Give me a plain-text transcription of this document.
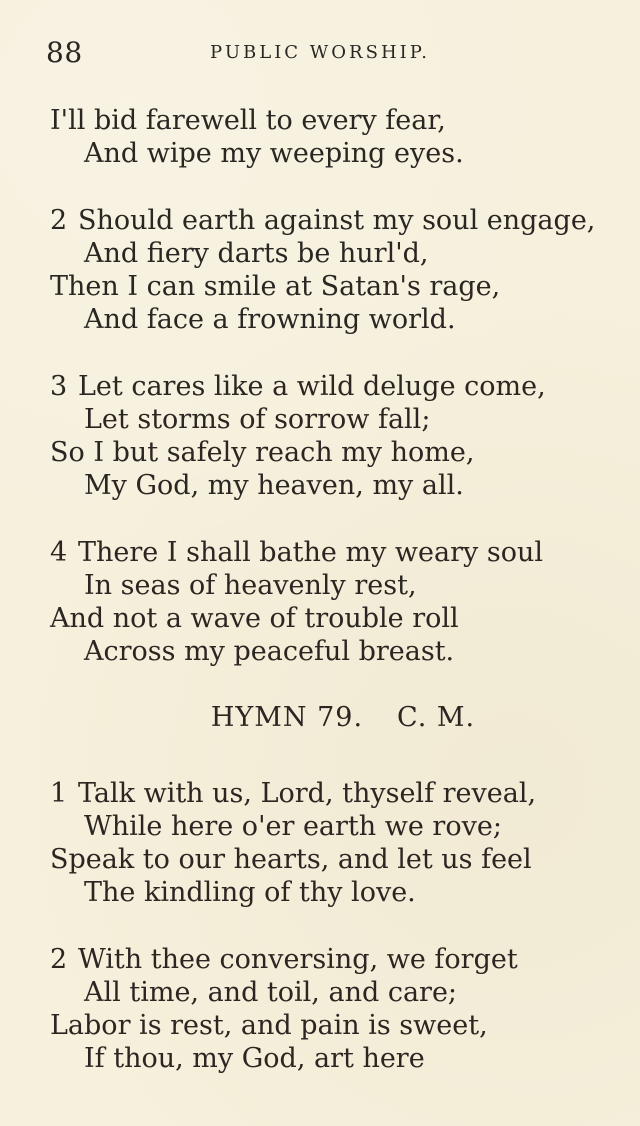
88	PUBLIC WORSHIP.
I'll bid farewell to every fear,
And wipe my weeping eyes.
2 Should earth against my soul engage,
And fiery darts be hurl'd,
Then I can smile at Satan's rage,
And face a frowning world.
3 Let cares like a wild deluge come,
Let storms of sorrow fall;
So I but safely reach my home,
My God, my heaven, my all.
4 There I shall bathe my weary soul
In seas of heavenly rest,
And not a wave of trouble roll
Across my peaceful breast.
HYMN 79. C. M.
1 Talk with us, Lord, thyself reveal,
While here o'er earth we rove;
Speak to our hearts, and let us feel
The kindling of thy love.
2 With thee conversing, we forget
All time, and toil, and care;
Labor is rest, and pain is sweet,
If thou, my God, art here
